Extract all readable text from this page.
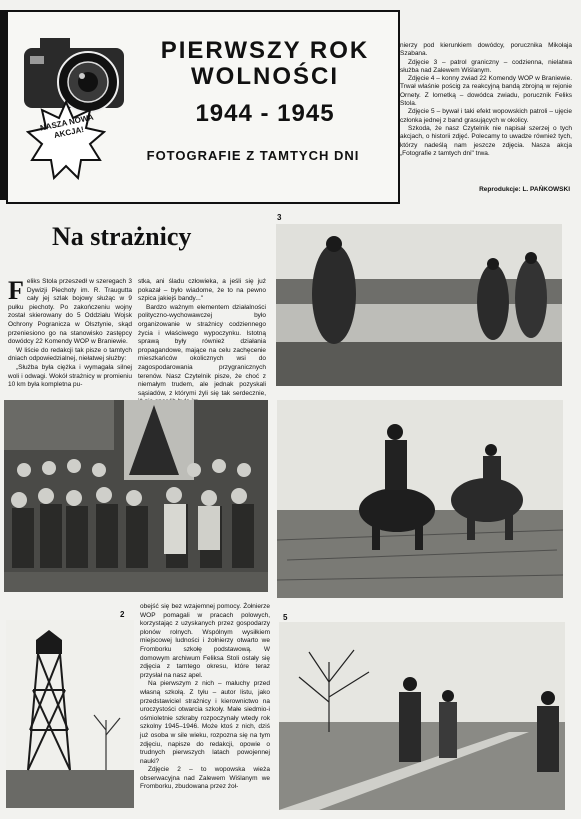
NASZA NOWA AKCJA!
PIERWSZY ROK
WOLNOŚCI
1944 - 1945
FOTOGRAFIE Z TAMTYCH DNI

nierzy pod kierunkiem dowódcy, porucznika Mikołaja Szabana.

Zdjęcie 3 – patrol graniczny – codzienna, nielatwa służba nad Zalewem Wiślanym.

Zdjęcie 4 – konny zwiad 22 Komendy WOP w Braniewie. Trwał właśnie pościg za reakcyjną bandą zbrojną w rejonie Ornety. Z lornetką – dowódca zwiadu, porucznik Feliks Stola.

Zdjęcie 5 – bywał i taki efekt wopowskich patroli – ujęcie członka jednej z band grasujących w okolicy.

Szkoda, że nasz Czytelnik nie napisał szerzej o tych akcjach, o historii zdjęć. Polecamy to uwadze również tych, którzy nadeślą nam jeszcze zdjęcia. Nasza akcja „Fotografie z tamtych dni" trwa.

Reprodukcje: L. PAŃKOWSKI
Na strażnicy

Feliks Stola przeszedł w szeregach 3 Dywizji Piechoty im. R. Traugutta cały jej szlak bojowy służąc w 9 pułku piechoty. Po zakończeniu wojny został skierowany do 5 Oddziału Wojsk Ochrony Pogranicza w Olsztynie, skąd przeniesiono go na stanowisko zastępcy dowódcy 22 Komendy WOP w Braniewie.

W liście do redakcji tak pisze o tamtych dniach odpowiedzialnej, niełatwej służby:

„Służba była ciężka i wymagała silnej woli i odwagi. Wokół strażnicy w promieniu 10 km była kompletna pu-

stka, ani śladu człowieka, a jeśli się już pokazał – było wiadome, że to na pewno szpica jakiejś bandy..."

Bardzo ważnym elementem działalności polityczno-wychowawczej było organizowanie w strażnicy codziennego życia i właściwego wypoczynku. Istotną sprawą były również działania propagandowe, mające na celu zachęcenie mieszkańców okolicznych wsi do zagospodarowania przygranicznych terenów. Nasz Czytelnik pisze, że choć z niemałym trudem, ale jednak pozyskali sąsiadów, z którymi żyli się tak serdecznie,

3
2

obejść się bez wzajemnej pomocy. Żołnierze WOP pomagali w pracach polowych, korzystając z uzyskanych przez gospodarzy plonów rolnych. Wspólnym wysiłkiem miejscowej ludności i żołnierzy otwarto we Fromborku szkołę podstawową. W domowym archiwum Feliksa Stoli ostały się zdjęcia z tamtego okresu, które teraz przysłał na nasz apel.

Na pierwszym z nich – maluchy przed własną szkołą. Z tyłu – autor listu, jako przedstawiciel strażnicy i kierownictwo na uroczystości otwarcia szkoły. Małe siedmio-i ośmioletnie szkraby rozpoczynały wtedy rok szkolny 1945–1946. Może ktoś z nich, dziś już osoba w sile wieku, rozpozna się na tym zdjęciu, napisze do redakcji, opowie o trudnych pierwszych latach powojennej nauki?

Zdjęcie 2 – to wopowska wieża obserwacyjna nad Zalewem Wiślanym we Fromborku, zbudowana przez żoł-

5
